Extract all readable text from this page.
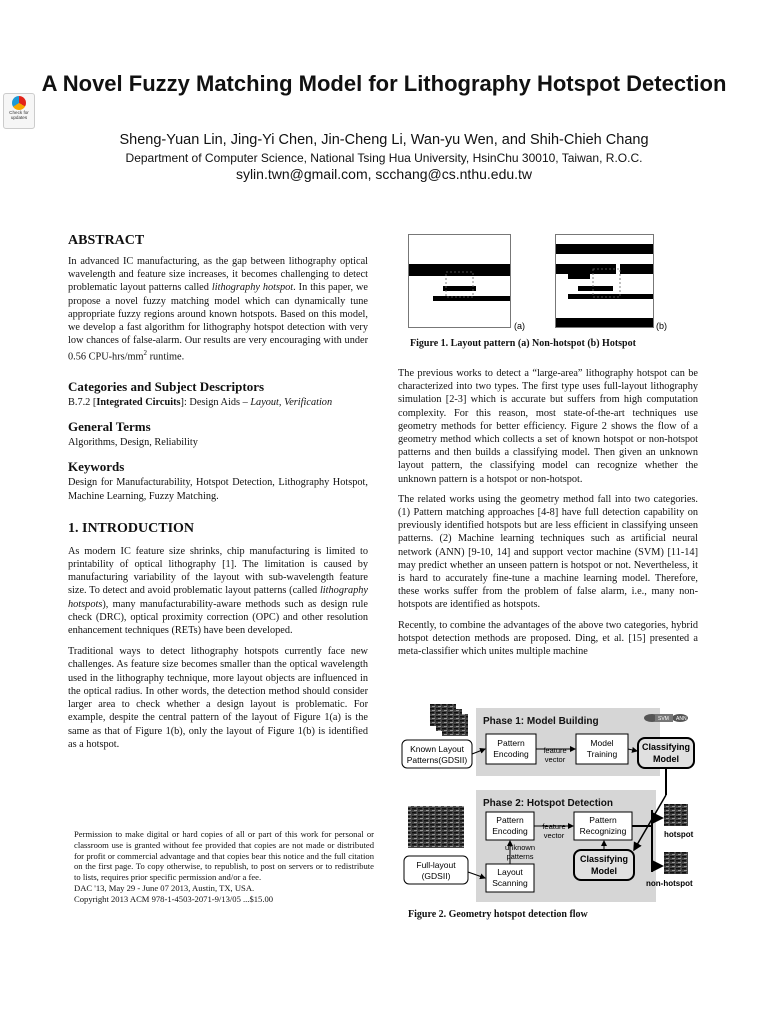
Check for
updates
A Novel Fuzzy Matching Model for Lithography Hotspot Detection
Sheng-Yuan Lin, Jing-Yi Chen, Jin-Cheng Li, Wan-yu Wen, and Shih-Chieh Chang
Department of Computer Science, National Tsing Hua University, HsinChu 30010, Taiwan, R.O.C.
sylin.twn@gmail.com, scchang@cs.nthu.edu.tw
ABSTRACT

In advanced IC manufacturing, as the gap between lithography optical wavelength and feature size increases, it becomes challenging to detect problematic layout patterns called lithography hotspot. In this paper, we propose a novel fuzzy matching model which can dynamically tune appropriate fuzzy regions around known hotspots. Based on this model, we develop a fast algorithm for lithography hotspot detection with very low chances of false-alarm. Our results are very encouraging with under 0.56 CPU-$hrs/mm^2$ runtime.

Categories and Subject Descriptors

B.7.2 [Integrated Circuits]: Design Aids – Layout, Verification

General Terms

Algorithms, Design, Reliability

Keywords

Design for Manufacturability, Hotspot Detection, Lithography Hotspot, Machine Learning, Fuzzy Matching.

1. INTRODUCTION

As modern IC feature size shrinks, chip manufacturing is limited to printability of optical lithography [1]. The limitation is caused by manufacturing variability of the layout with sub-wavelength feature size. To detect and avoid problematic layout patterns (called lithography hotspots), many manufacturability-aware methods such as design rule check (DRC), optical proximity correction (OPC) and other resolution enhancement techniques (RETs) have been developed.

Traditional ways to detect lithography hotspots currently face new challenges. As feature size becomes smaller than the optical wavelength used in the lithography technique, more layout objects are influenced in the optical radius. In other words, the detection method should consider larger area to check whether a design layout is problematic. For example, despite the central pattern of the layout of Figure 1(a) is the same as that of Figure 1(b), only the layout of Figure 1(b) is identified as a hotspot.

Permission to make digital or hard copies of all or part of this work for personal or classroom use is granted without fee provided that copies are not made or distributed for profit or commercial advantage and that copies bear this notice and the full citation on the first page. To copy otherwise, to republish, to post on servers or to redistribute to lists, requires prior specific permission and/or a fee.

DAC '13, May 29 - June 07 2013, Austin, TX, USA.

Copyright 2013 ACM 978-1-4503-2071-9/13/05 ...$15.00

(a)	(b)
Figure 1. Layout pattern (a) Non-hotspot (b) Hotspot

The previous works to detect a “large-area” lithography hotspot can be characterized into two types. The first type uses full-layout lithography simulation [2-3] which is accurate but suffers from high computation complexity. For this reason, most state-of-the-art techniques use geometry methods for better efficiency. Figure 2 shows the flow of a geometry method which collects a set of known hotspot or non-hotspot patterns and then builds a classifying model. Then given an unknown layout pattern, the classifying model can recognize whether the unknown pattern is a hotspot or non-hotspot.

The related works using the geometry method fall into two categories. (1) Pattern matching approaches [4-8] have full detection capability on previously identified hotspots but are less efficient in classifying unseen patterns. (2) Machine learning techniques such as artificial neural network (ANN) [9-10, 14] and support vector machine (SVM) [11-14] may predict whether an unseen pattern is hotspot or not. Nevertheless, it is hard to accurately fine-tune a machine learning model. Therefore, these works suffer from the problem of false alarm, i.e., many non-hotspots are identified as hotspots.

Recently, to combine the advantages of the above two categories, hybrid hotspot detection methods are proposed. Ding, et al. [15] presented a meta-classifier which unites multiple machine

Phase 1: Model Building	ANN
SVM
Known Layout
Patterns(GDSII)
Pattern
Encoding feature
vector
Model
Training
Classifying
Model
Phase 2: Hotspot Detection
Full-layout
(GDSII)
Pattern
Encoding feature
vector
unknown
patterns
Layout
Scanning
Pattern
Recognizing
Classifying
Model
hotspot
non-hotspot
Figure 2. Geometry hotspot detection flow
